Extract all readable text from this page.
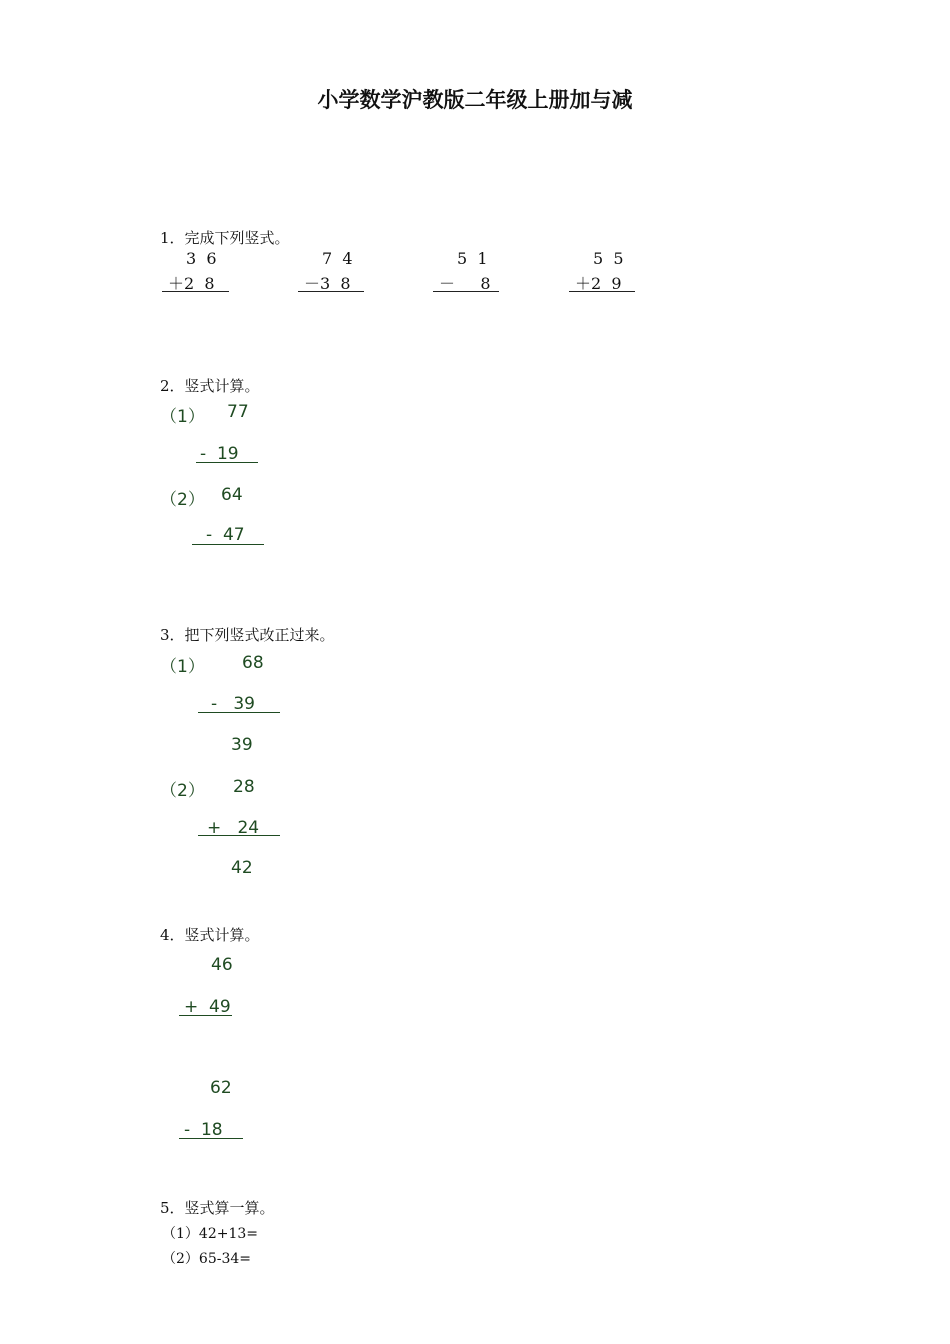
小学数学沪教版二年级上册加与减
1．完成下列竖式。
3  6
＋2  8
7  4
－3  8
5  1
－     8
5  5
＋2  9
2．竖式计算。
（1） 77
-  19
（2） 64
-  47
3．把下列竖式改正过来。
（1） 68
-   39
39
（2） 28
+   24
42
4．竖式计算。
46
+  49
62
-  18
5．竖式算一算。
（1）42+13=
（2）65-34=
